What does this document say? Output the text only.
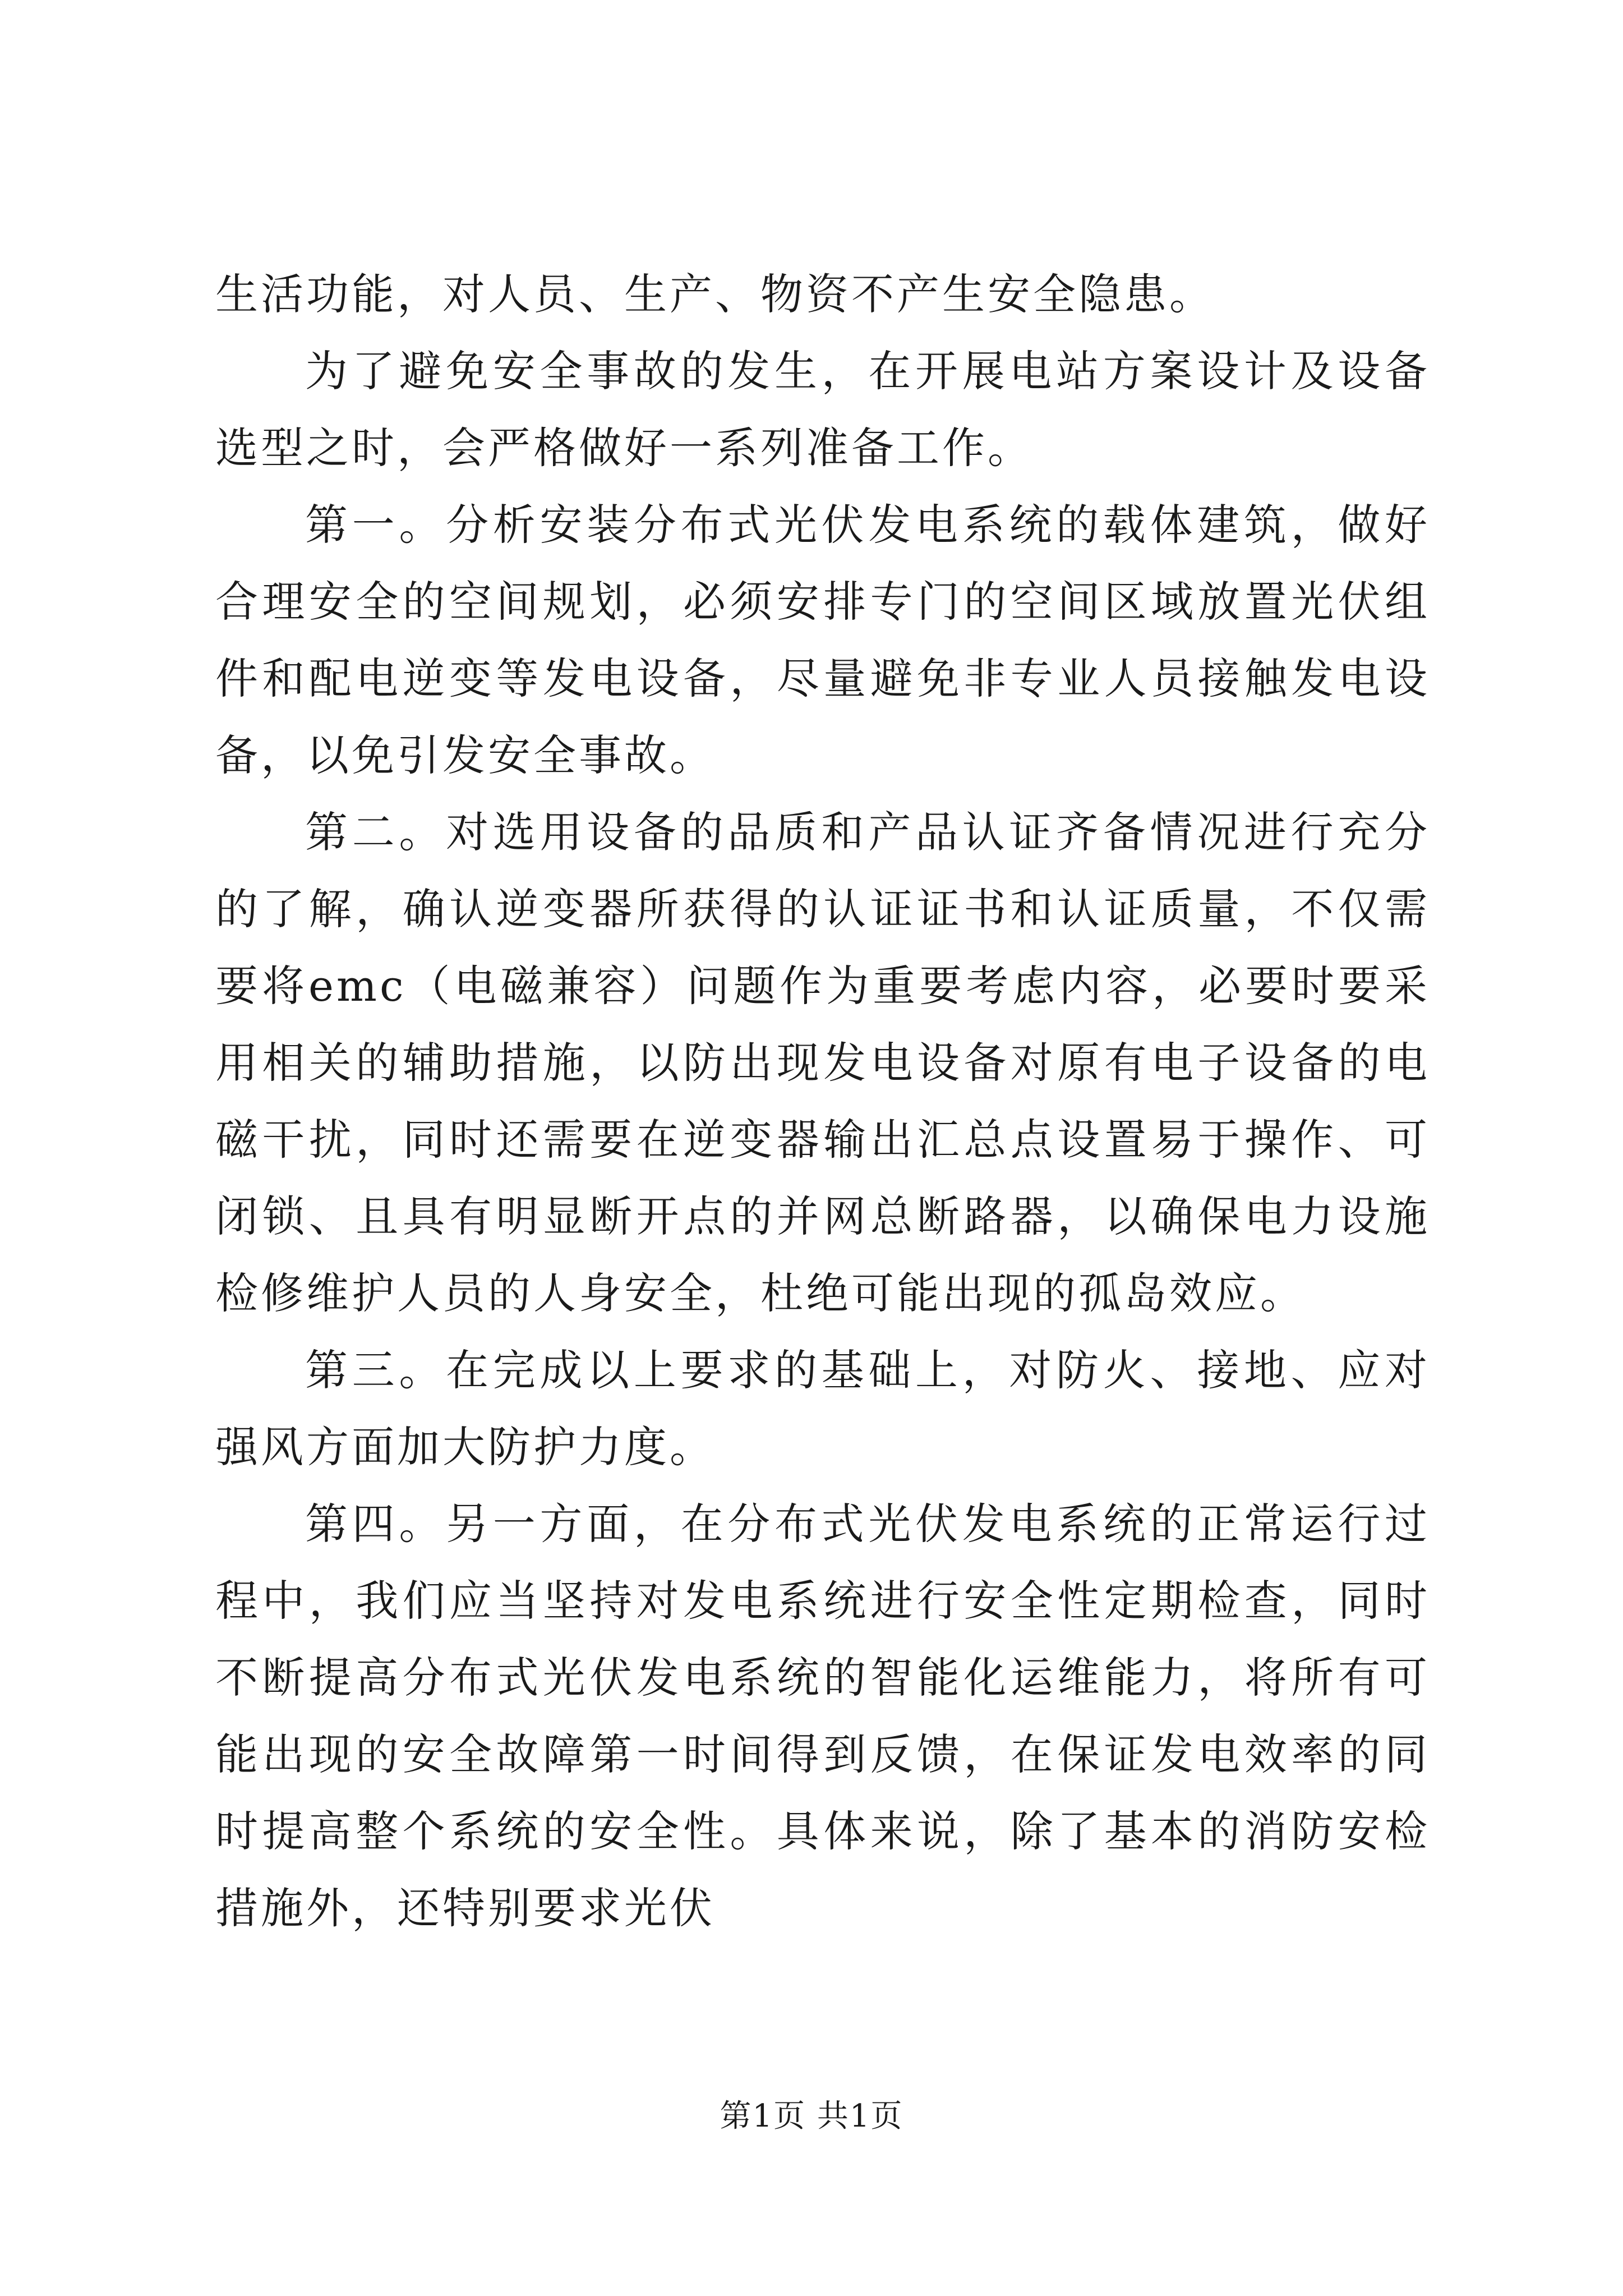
生活功能，对人员、生产、物资不产生安全隐患。

为了避免安全事故的发生，在开展电站方案设计及设备选型之时，会严格做好一系列准备工作。

第一。分析安装分布式光伏发电系统的载体建筑，做好合理安全的空间规划，必须安排专门的空间区域放置光伏组件和配电逆变等发电设备，尽量避免非专业人员接触发电设备，以免引发安全事故。

第二。对选用设备的品质和产品认证齐备情况进行充分的了解，确认逆变器所获得的认证证书和认证质量，不仅需要将emc（电磁兼容）问题作为重要考虑内容，必要时要采用相关的辅助措施，以防出现发电设备对原有电子设备的电磁干扰，同时还需要在逆变器输出汇总点设置易于操作、可闭锁、且具有明显断开点的并网总断路器，以确保电力设施检修维护人员的人身安全，杜绝可能出现的孤岛效应。

第三。在完成以上要求的基础上，对防火、接地、应对强风方面加大防护力度。

第四。另一方面，在分布式光伏发电系统的正常运行过程中，我们应当坚持对发电系统进行安全性定期检查，同时不断提高分布式光伏发电系统的智能化运维能力，将所有可能出现的安全故障第一时间得到反馈，在保证发电效率的同时提高整个系统的安全性。具体来说，除了基本的消防安检措施外，还特别要求光伏

第1页 共1页
